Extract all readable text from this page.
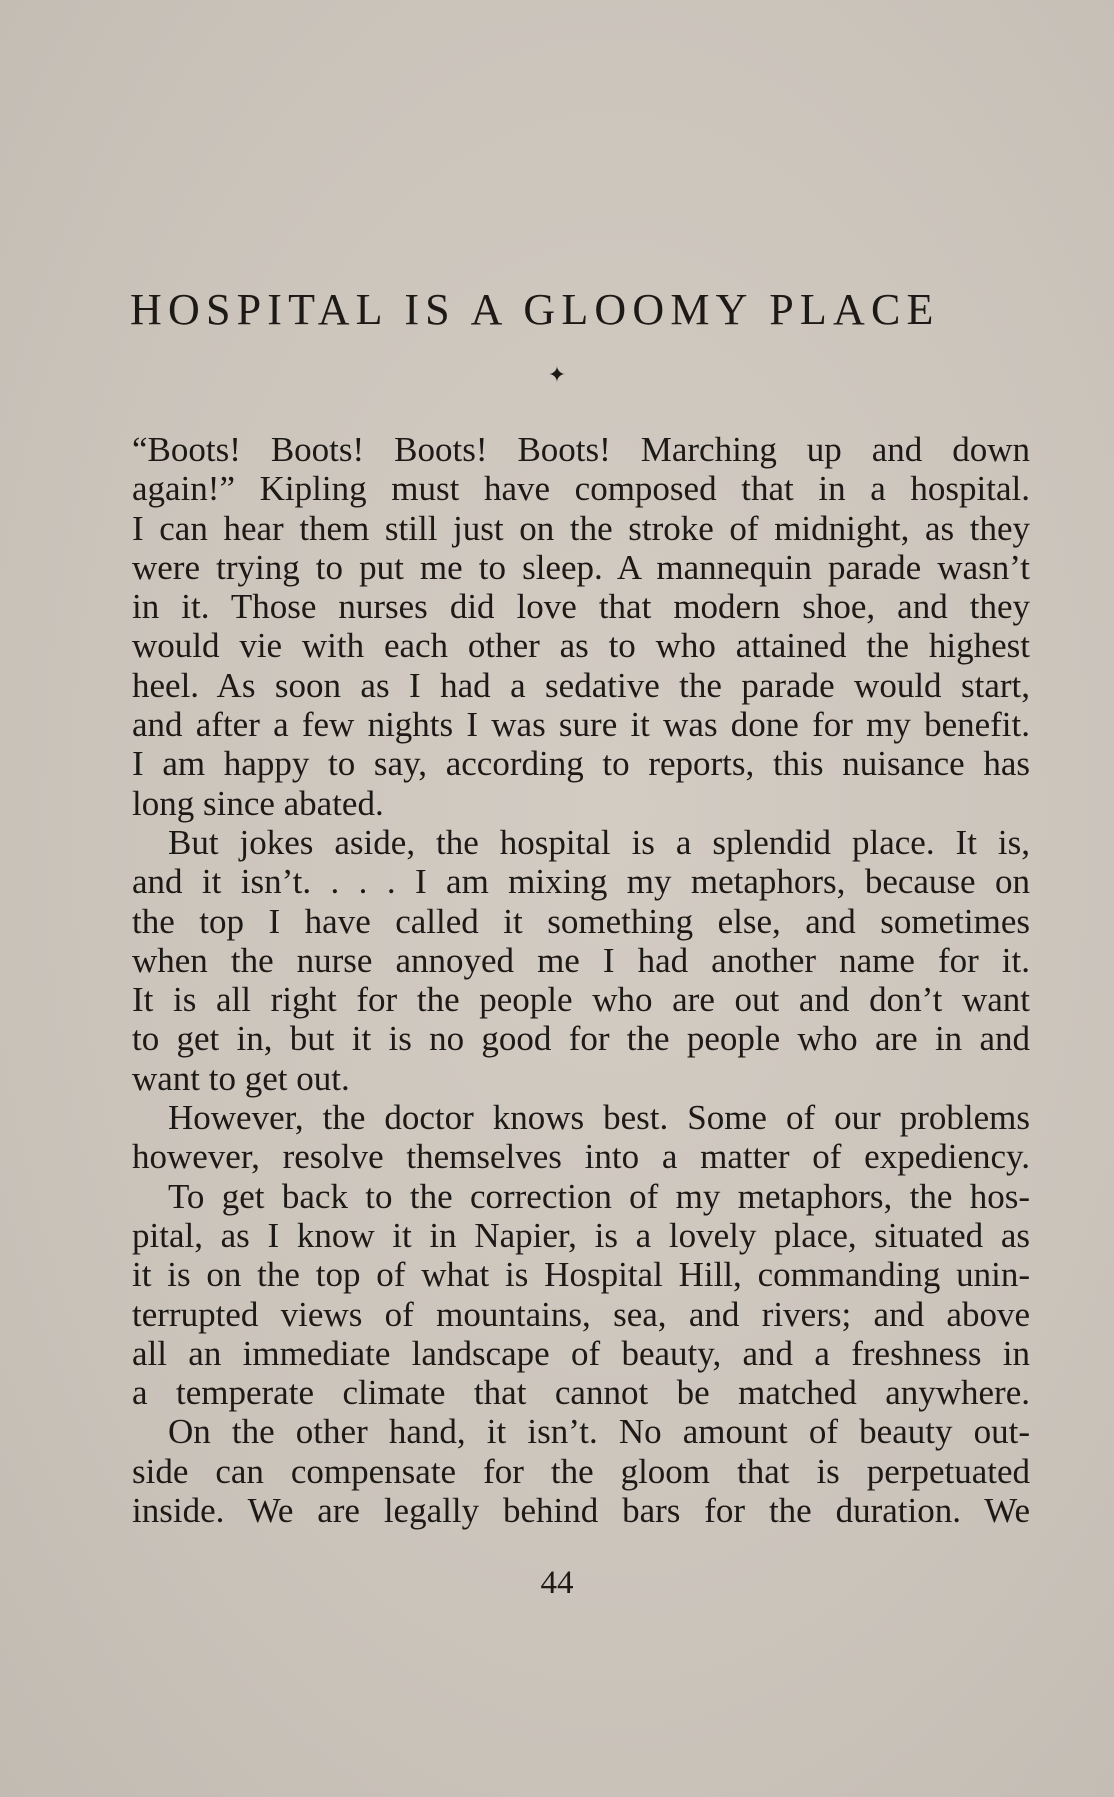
HOSPITAL IS A GLOOMY PLACE
✦
“Boots! Boots! Boots! Boots! Marching up and down
again!” Kipling must have composed that in a hospital.
I can hear them still just on the stroke of midnight, as they
were trying to put me to sleep. A mannequin parade wasn’t
in it. Those nurses did love that modern shoe, and they
would vie with each other as to who attained the highest
heel. As soon as I had a sedative the parade would start,
and after a few nights I was sure it was done for my benefit.
I am happy to say, according to reports, this nuisance has
long since abated.
But jokes aside, the hospital is a splendid place. It is,
and it isn’t. . . . I am mixing my metaphors, because on
the top I have called it something else, and sometimes
when the nurse annoyed me I had another name for it.
It is all right for the people who are out and don’t want
to get in, but it is no good for the people who are in and
want to get out.
However, the doctor knows best. Some of our problems
however, resolve themselves into a matter of expediency.
To get back to the correction of my metaphors, the hos-
pital, as I know it in Napier, is a lovely place, situated as
it is on the top of what is Hospital Hill, commanding unin-
terrupted views of mountains, sea, and rivers; and above
all an immediate landscape of beauty, and a freshness in
a temperate climate that cannot be matched anywhere.
On the other hand, it isn’t. No amount of beauty out-
side can compensate for the gloom that is perpetuated
inside. We are legally behind bars for the duration. We
44
